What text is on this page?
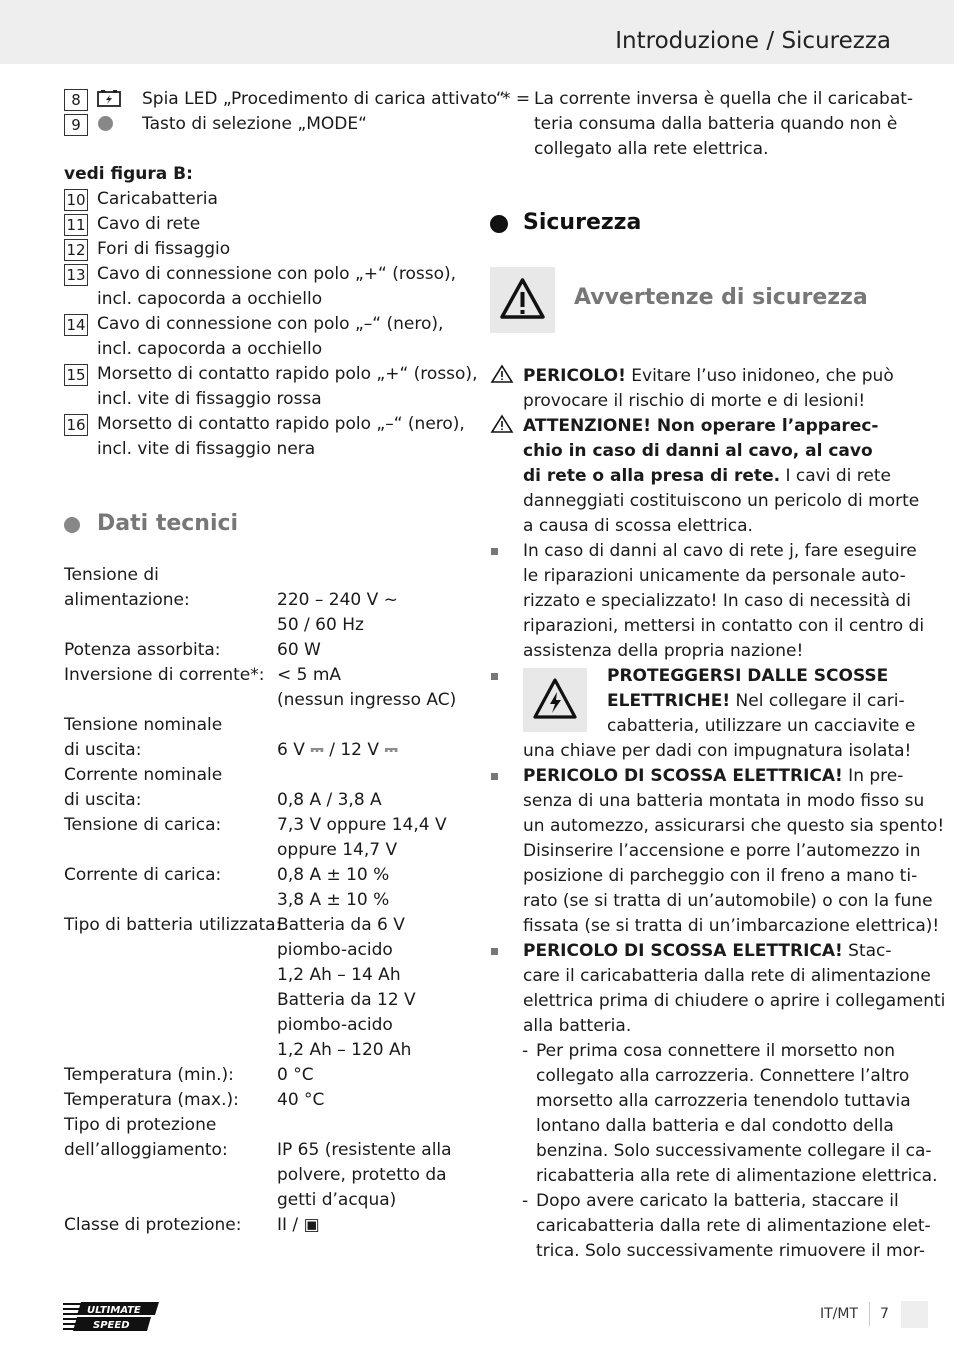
Introduzione / Sicurezza
8	Spia LED „Procedimento di carica attivato“
9	Tasto di selezione „MODE“
vedi figura B:
Dati tecnici
* =
Sicurezza
Avvertenze di sicurezza
PERICOLO! Evitare l’uso inidoneo, che può
provocare il rischio di morte e di lesioni!
ATTENZIONE! Non operare l’apparec-
chio in caso di danni al cavo, al cavo
di rete o alla presa di rete. I cavi di rete
danneggiati costituiscono un pericolo di morte
a causa di scossa elettrica.
PROTEGGERSI DALLE SCOSSE
ELETTRICHE! Nel collegare il cari-
cabatteria, utilizzare un cacciavite e
una chiave per dadi con impugnatura isolata!
PERICOLO DI SCOSSA ELETTRICA! In pre-
PERICOLO DI SCOSSA ELETTRICA! Stac-
-
-
ULTIMATE
SPEED
IT/MT 7
10 Caricabatteria
11 Cavo di rete
12 Fori di fissaggio
13 Cavo di connessione con polo „+“ (rosso),
incl. capocorda a occhiello
14 Cavo di connessione con polo „–“ (nero),
incl. capocorda a occhiello
15 Morsetto di contatto rapido polo „+“ (rosso),
incl. vite di fissaggio rossa
16 Morsetto di contatto rapido polo „–“ (nero),
incl. vite di fissaggio nera
Tensione di
alimentazione:	220 – 240 V ~
50 / 60 Hz
Potenza assorbita:	60 W
Inversione di corrente*: < 5 mA
(nessun ingresso AC)
Tensione nominale
di uscita:	6 V ⎓ / 12 V ⎓
Corrente nominale
di uscita:	0,8 A / 3,8 A
Tensione di carica:	7,3 V oppure 14,4 V
oppure 14,7 V
Corrente di carica:	0,8 A ± 10 %
3,8 A ± 10 %
Tipo di batteria utilizzata:
Batteria da 6 V
piombo-acido
1,2 Ah – 14 Ah
Batteria da 12 V
piombo-acido
1,2 Ah – 120 Ah
Temperatura (min.):	0 °C
Temperatura (max.): 40 °C
Tipo di protezione
dell’alloggiamento:	IP 65 (resistente alla
polvere, protetto da
getti d’acqua)
Classe di protezione: II / ▣
La corrente inversa è quella che il caricabat-
teria consuma dalla batteria quando non è
collegato alla rete elettrica.
In caso di danni al cavo di rete j, fare eseguire
le riparazioni unicamente da personale auto-
rizzato e specializzato! In caso di necessità di
riparazioni, mettersi in contatto con il centro di
assistenza della propria nazione!
senza di una batteria montata in modo fisso su
un automezzo, assicurarsi che questo sia spento!
Disinserire l’accensione e porre l’automezzo in
posizione di parcheggio con il freno a mano ti-
rato (se si tratta di un’automobile) o con la fune
fissata (se si tratta di un’imbarcazione elettrica)!
care il caricabatteria dalla rete di alimentazione
elettrica prima di chiudere o aprire i collegamenti
alla batteria.
Per prima cosa connettere il morsetto non
collegato alla carrozzeria. Connettere l’altro
morsetto alla carrozzeria tenendolo tuttavia
lontano dalla batteria e dal condotto della
benzina. Solo successivamente collegare il ca-
ricabatteria alla rete di alimentazione elettrica.
Dopo avere caricato la batteria, staccare il
caricabatteria dalla rete di alimentazione elet-
trica. Solo successivamente rimuovere il mor-
